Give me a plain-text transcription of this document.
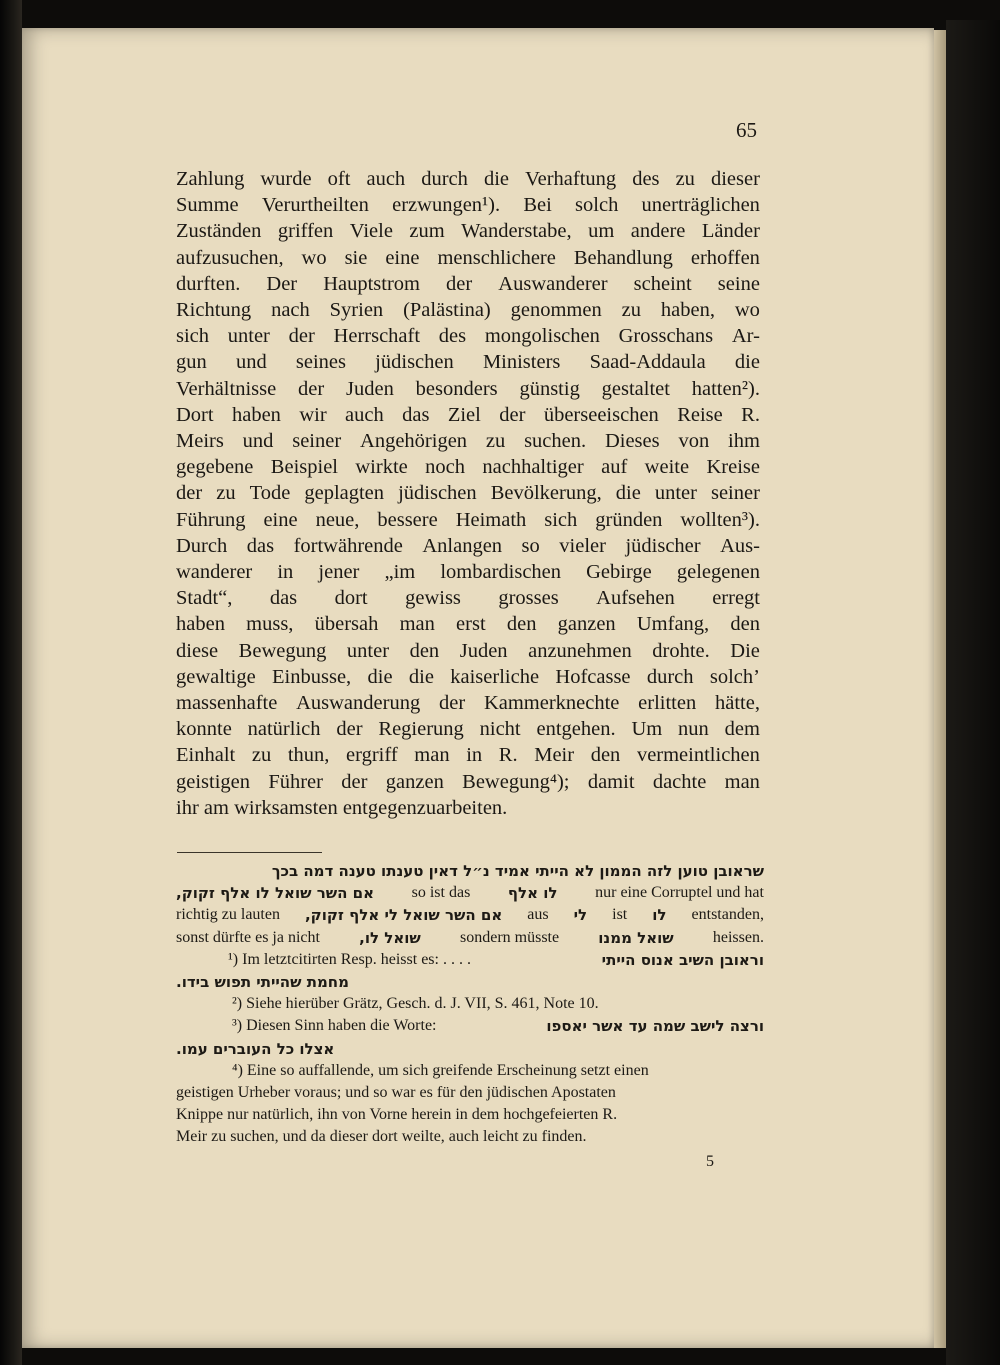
65
Zahlung wurde oft auch durch die Verhaftung des zu dieser
Summe Verurtheilten erzwungen¹). Bei solch unerträglichen
Zuständen griffen Viele zum Wanderstabe, um andere Länder
aufzusuchen, wo sie eine menschlichere Behandlung erhoffen
durften. Der Hauptstrom der Auswanderer scheint seine
Richtung nach Syrien (Palästina) genommen zu haben, wo
sich unter der Herrschaft des mongolischen Grosschans Ar-
gun und seines jüdischen Ministers Saad-Addaula die
Verhältnisse der Juden besonders günstig gestaltet hatten²).
Dort haben wir auch das Ziel der überseeischen Reise R.
Meirs und seiner Angehörigen zu suchen. Dieses von ihm
gegebene Beispiel wirkte noch nachhaltiger auf weite Kreise
der zu Tode geplagten jüdischen Bevölkerung, die unter seiner
Führung eine neue, bessere Heimath sich gründen wollten³).
Durch das fortwährende Anlangen so vieler jüdischer Aus-
wanderer in jener „im lombardischen Gebirge gelegenen
Stadt“, das dort gewiss grosses Aufsehen erregt
haben muss, übersah man erst den ganzen Umfang, den
diese Bewegung unter den Juden anzunehmen drohte. Die
gewaltige Einbusse, die die kaiserliche Hofcasse durch solch’
massenhafte Auswanderung der Kammerknechte erlitten hätte,
konnte natürlich der Regierung nicht entgehen. Um nun dem
Einhalt zu thun, ergriff man in R. Meir den vermeintlichen
geistigen Führer der ganzen Bewegung⁴); damit dachte man
ihr am wirksamsten entgegenzuarbeiten.
שראובן טוען לזה הממון לא הייתי אמיד נ״ל דאין טענתו טענה דמה בכך
אם השר שואל לו אלף זקוק, so ist das	לו אלף nur eine Corruptel und hat
richtig zu lauten אם השר שואל לי אלף זקוק, aus לי ist לו entstanden,
sonst dürfte es ja nicht	שואל לו, sondern müsste	שואל ממנו heissen.
¹) Im letztcitirten Resp. heisst es: . . . .	וראובן השיב אנוס הייתי
מחמת שהייתי תפוש בידו.
²) Siehe hierüber Grätz, Gesch. d. J. VII, S. 461, Note 10.
³) Diesen Sinn haben die Worte:	ורצה לישב שמה עד אשר יאספו
אצלו כל העוברים עמו.
⁴) Eine so auffallende, um sich greifende Erscheinung setzt einen
geistigen Urheber voraus; und so war es für den jüdischen Apostaten
Knippe nur natürlich, ihn von Vorne herein in dem hochgefeierten R.
Meir zu suchen, und da dieser dort weilte, auch leicht zu finden.
5
